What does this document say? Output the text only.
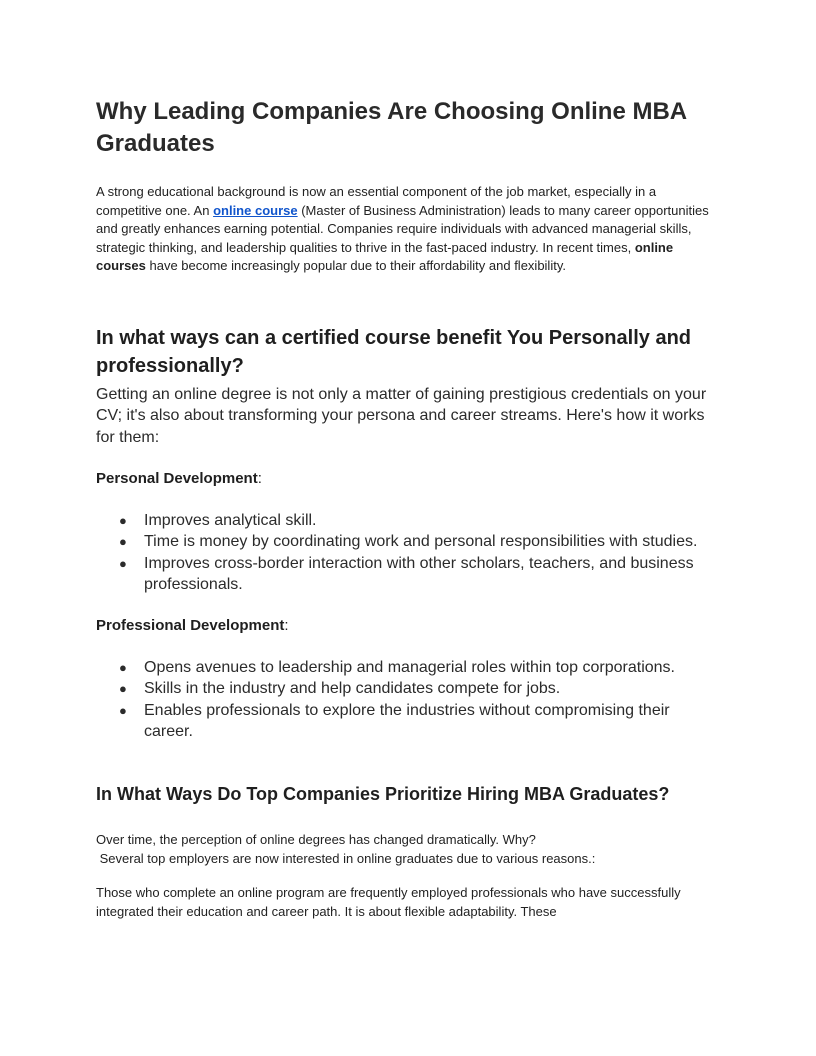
Why Leading Companies Are Choosing Online MBA Graduates

A strong educational background is now an essential component of the job market, especially in a competitive one. An online course (Master of Business Administration) leads to many career opportunities and greatly enhances earning potential. Companies require individuals with advanced managerial skills, strategic thinking, and leadership qualities to thrive in the fast-paced industry. In recent times, online courses have become increasingly popular due to their affordability and flexibility.

In what ways can a certified course benefit You Personally and professionally?

Getting an online degree is not only a matter of gaining prestigious credentials on your CV; it's also about transforming your persona and career streams. Here's how it works for them:

Personal Development:

● Improves analytical skill.
● Time is money by coordinating work and personal responsibilities with studies.
● Improves cross-border interaction with other scholars, teachers, and business professionals.

Professional Development:

● Opens avenues to leadership and managerial roles within top corporations.
● Skills in the industry and help candidates compete for jobs.
● Enables professionals to explore the industries without compromising their career.
In What Ways Do Top Companies Prioritize Hiring MBA Graduates?

Over time, the perception of online degrees has changed dramatically. Why?
Several top employers are now interested in online graduates due to various reasons.:

Those who complete an online program are frequently employed professionals who have successfully integrated their education and career path. It is about flexible adaptability. These
